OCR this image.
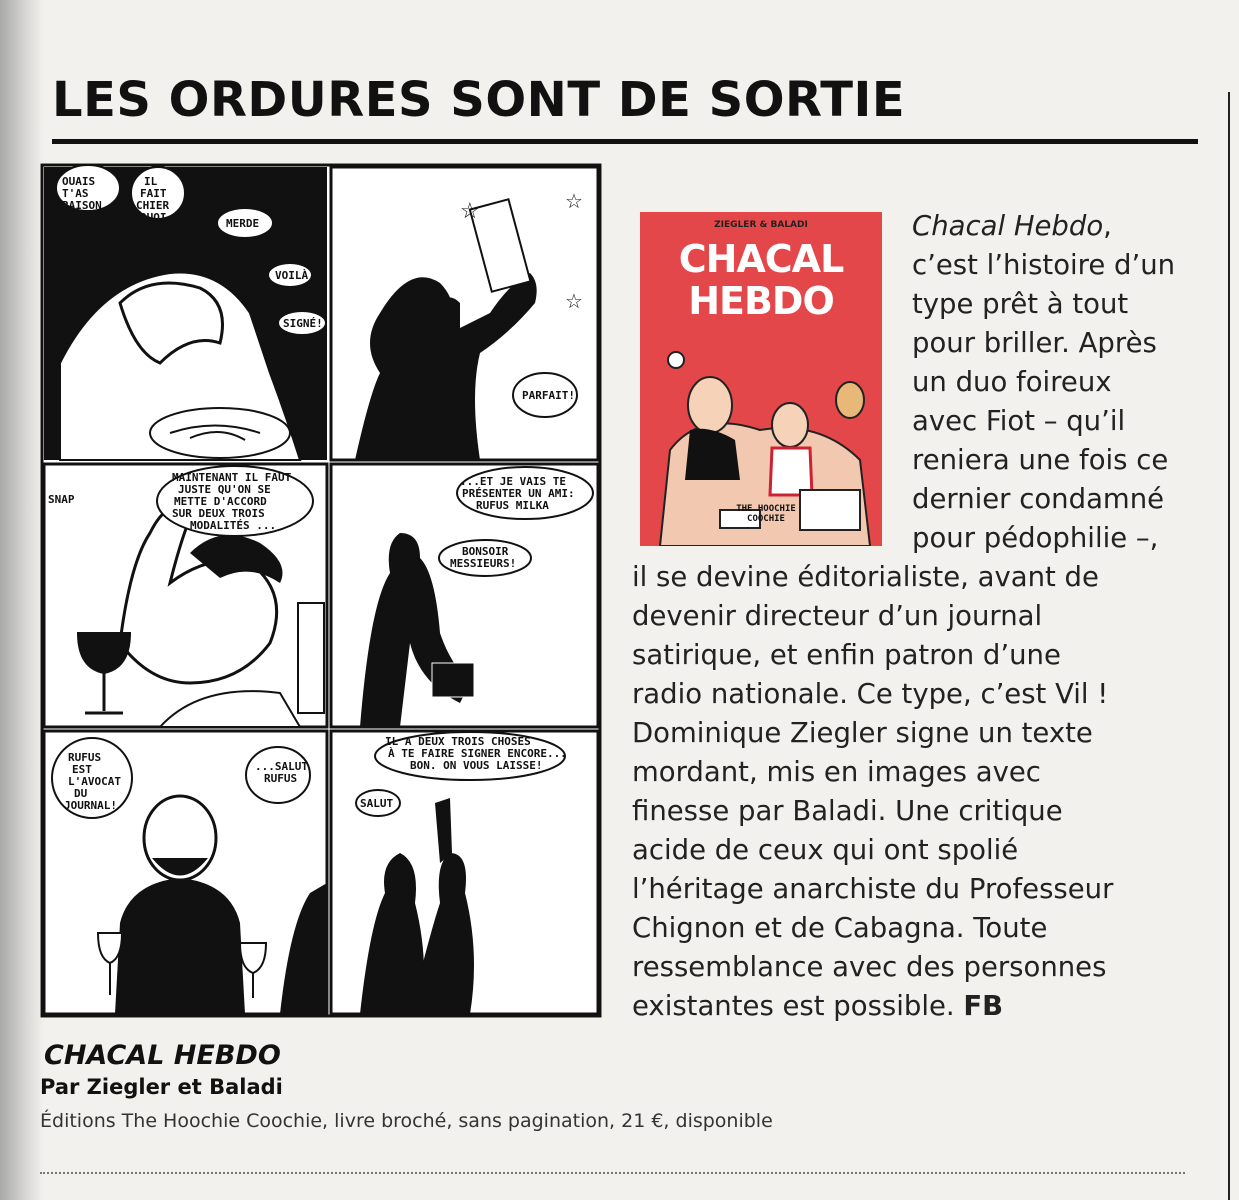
LES ORDURES SONT DE SORTIE
OUAIS T'AS RAISON
IL FAIT CHIER QUOI	MERDE
VOILÀ
SIGNÉ!
PARFAIT!
☆	☆
☆
SNAP
MAINTENANT IL FAUT JUSTE QU'ON SE METTE D'ACCORD SUR DEUX TROIS MODALITÉS ...
...ET JE VAIS TE PRÉSENTER UN AMI: RUFUS MILKA
BONSOIR MESSIEURS!
RUFUS EST L'AVOCAT DU JOURNAL!
...SALUT RUFUS
IL A DEUX TROIS CHOSES À TE FAIRE SIGNER ENCORE... BON. ON VOUS LAISSE!
SALUT
ZIEGLER & BALADI
CHACAL
HEBDO
THE HOOCHIE COOCHIE
Chacal Hebdo,
c’est l’histoire d’un
type prêt à tout
pour briller. Après
un duo foireux
avec Fiot – qu’il
reniera une fois ce
dernier condamné
pour pédophilie –,
il se devine éditorialiste, avant de
devenir directeur d’un journal
satirique, et enfin patron d’une
radio nationale. Ce type, c’est Vil !
Dominique Ziegler signe un texte
mordant, mis en images avec
finesse par Baladi. Une critique
acide de ceux qui ont spolié
l’héritage anarchiste du Professeur
Chignon et de Cabagna. Toute
ressemblance avec des personnes
existantes est possible. FB
CHACAL HEBDO
Par Ziegler et Baladi
Éditions The Hoochie Coochie, livre broché, sans pagination, 21 €, disponible
